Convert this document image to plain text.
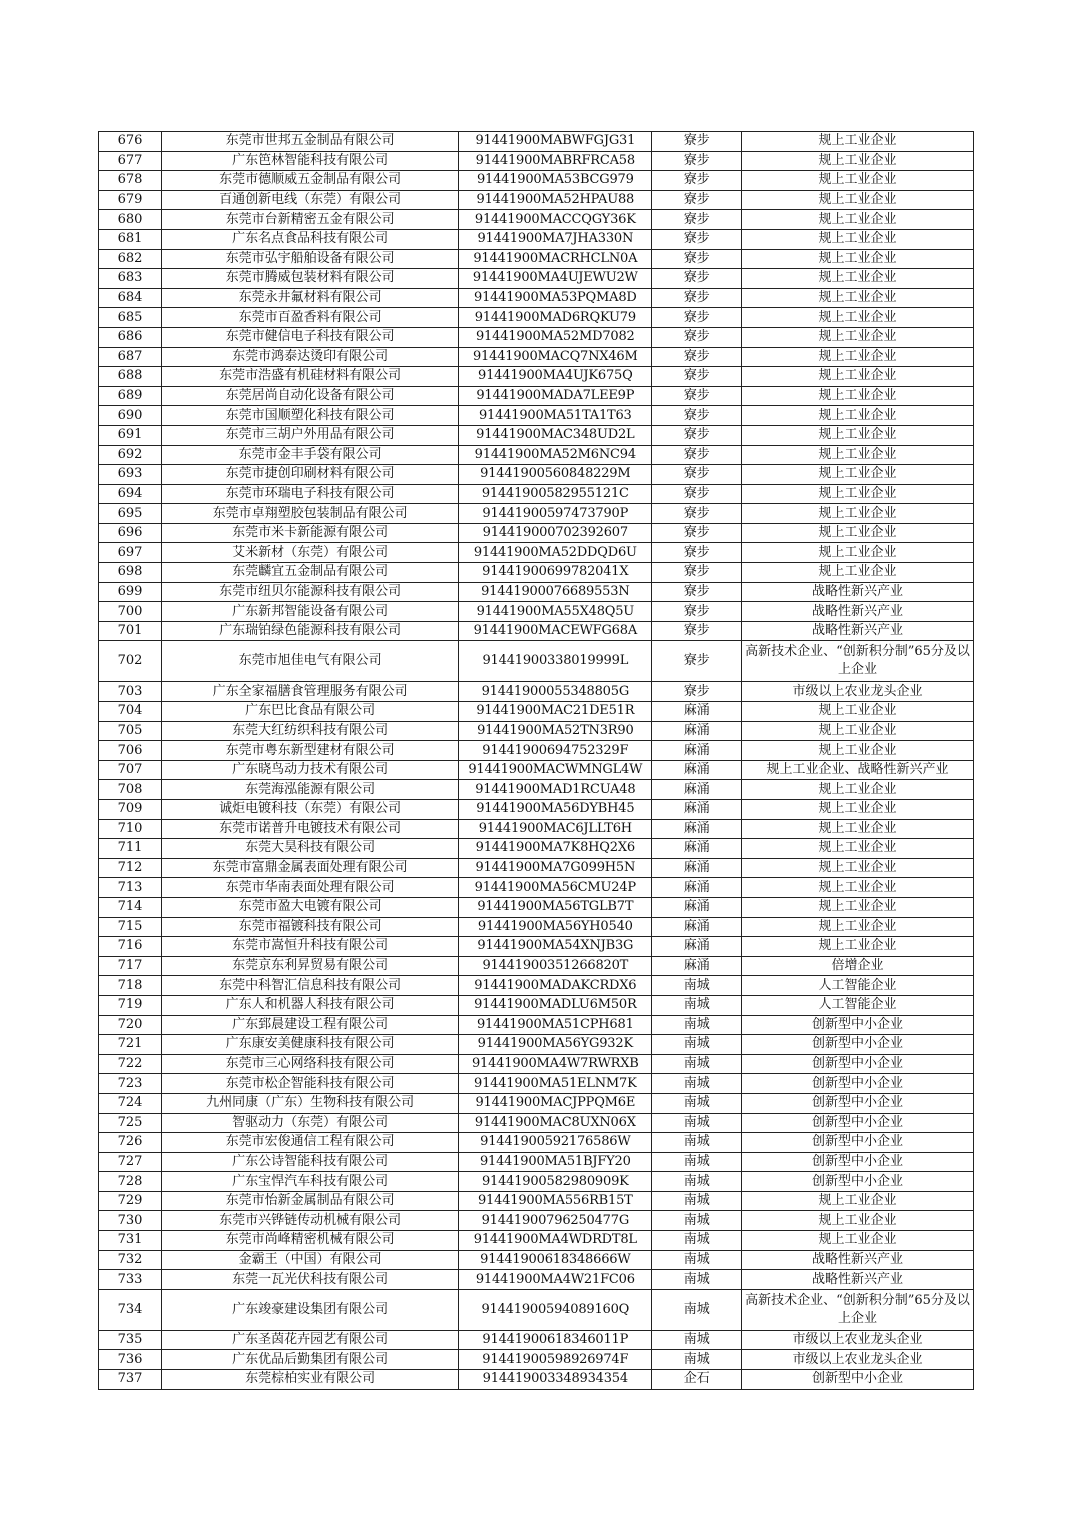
676	东莞市世邦五金制品有限公司	91441900MABWFGJG31	寮步	规上工业企业
677	广东笆林智能科技有限公司	91441900MABRFRCA58	寮步	规上工业企业
678	东莞市德顺威五金制品有限公司	91441900MA53BCG979	寮步	规上工业企业
679	百通创新电线（东莞）有限公司	91441900MA52HPAU88	寮步	规上工业企业
680	东莞市台新精密五金有限公司	91441900MACCQGY36K	寮步	规上工业企业
681	广东名点食品科技有限公司	91441900MA7JHA330N	寮步	规上工业企业
682	东莞市弘宇船舶设备有限公司	91441900MACRHCLN0A	寮步	规上工业企业
683	东莞市腾威包装材料有限公司	91441900MA4UJEWU2W	寮步	规上工业企业
684	东莞永井氟材料有限公司	91441900MA53PQMA8D	寮步	规上工业企业
685	东莞市百盈香料有限公司	91441900MAD6RQKU79	寮步	规上工业企业
686	东莞市健信电子科技有限公司	91441900MA52MD7082	寮步	规上工业企业
687	东莞市鸿泰达烫印有限公司	91441900MACQ7NX46M	寮步	规上工业企业
688	东莞市浩盛有机硅材料有限公司	91441900MA4UJK675Q	寮步	规上工业企业
689	东莞居尚自动化设备有限公司	91441900MADA7LEE9P	寮步	规上工业企业
690	东莞市国顺塑化科技有限公司	91441900MA51TA1T63	寮步	规上工业企业
691	东莞市三胡户外用品有限公司	91441900MAC348UD2L	寮步	规上工业企业
692	东莞市金丰手袋有限公司	91441900MA52M6NC94	寮步	规上工业企业
693	东莞市捷创印刷材料有限公司	91441900560848229M	寮步	规上工业企业
694	东莞市环瑞电子科技有限公司	91441900582955121C	寮步	规上工业企业
695	东莞市卓翔塑胶包装制品有限公司	91441900597473790P	寮步	规上工业企业
696	东莞市米卡新能源有限公司	914419000702392607	寮步	规上工业企业
697	艾米新材（东莞）有限公司	91441900MA52DDQD6U	寮步	规上工业企业
698	东莞麟宜五金制品有限公司	91441900699782041X	寮步	规上工业企业
699	东莞市纽贝尔能源科技有限公司	91441900076689553N	寮步	战略性新兴产业
700	广东新邦智能设备有限公司	91441900MA55X48Q5U	寮步	战略性新兴产业
701	广东瑞铂绿色能源科技有限公司	91441900MACEWFG68A	寮步	战略性新兴产业
702	东莞市旭佳电气有限公司	91441900338019999L	寮步	高新技术企业、“创新积分制”65分及以上企业
703	广东全家福膳食管理服务有限公司	91441900055348805G	寮步	市级以上农业龙头企业
704	广东巴比食品有限公司	91441900MAC21DE51R	麻涌	规上工业企业
705	东莞大红纺织科技有限公司	91441900MA52TN3R90	麻涌	规上工业企业
706	东莞市粤东新型建材有限公司	91441900694752329F	麻涌	规上工业企业
707	广东晓鸟动力技术有限公司	91441900MACWMNGL4W	麻涌	规上工业企业、战略性新兴产业
708	东莞海泓能源有限公司	91441900MAD1RCUA48	麻涌	规上工业企业
709	诚炬电镀科技（东莞）有限公司	91441900MA56DYBH45	麻涌	规上工业企业
710	东莞市诺普升电镀技术有限公司	91441900MAC6JLLT6H	麻涌	规上工业企业
711	东莞大昊科技有限公司	91441900MA7K8HQ2X6	麻涌	规上工业企业
712	东莞市富鼎金属表面处理有限公司	91441900MA7G099H5N	麻涌	规上工业企业
713	东莞市华南表面处理有限公司	91441900MA56CMU24P	麻涌	规上工业企业
714	东莞市盈大电镀有限公司	91441900MA56TGLB7T	麻涌	规上工业企业
715	东莞市福镀科技有限公司	91441900MA56YH0540	麻涌	规上工业企业
716	东莞市嵩恒升科技有限公司	91441900MA54XNJB3G	麻涌	规上工业企业
717	东莞京东利昇贸易有限公司	91441900351266820T	麻涌	倍增企业
718	东莞中科智汇信息科技有限公司	91441900MADAKCRDX6	南城	人工智能企业
719	广东人和机器人科技有限公司	91441900MADLU6M50R	南城	人工智能企业
720	广东郅晨建设工程有限公司	91441900MA51CPH681	南城	创新型中小企业
721	广东康安美健康科技有限公司	91441900MA56YG932K	南城	创新型中小企业
722	东莞市三心网络科技有限公司	91441900MA4W7RWRXB	南城	创新型中小企业
723	东莞市松企智能科技有限公司	91441900MA51ELNM7K	南城	创新型中小企业
724	九州同康（广东）生物科技有限公司	91441900MACJPPQM6E	南城	创新型中小企业
725	智驱动力（东莞）有限公司	91441900MAC8UXN06X	南城	创新型中小企业
726	东莞市宏俊通信工程有限公司	91441900592176586W	南城	创新型中小企业
727	广东公诗智能科技有限公司	91441900MA51BJFY20	南城	创新型中小企业
728	广东宝悍汽车科技有限公司	91441900582980909K	南城	创新型中小企业
729	东莞市怡新金属制品有限公司	91441900MA556RB15T	南城	规上工业企业
730	东莞市兴铧链传动机械有限公司	91441900796250477G	南城	规上工业企业
731	东莞市尚峰精密机械有限公司	91441900MA4WDRDT8L	南城	规上工业企业
732	金霸王（中国）有限公司	91441900618348666W	南城	战略性新兴产业
733	东莞一瓦光伏科技有限公司	91441900MA4W21FC06	南城	战略性新兴产业
734	广东竣豪建设集团有限公司	91441900594089160Q	南城	高新技术企业、“创新积分制”65分及以上企业
735	广东圣茵花卉园艺有限公司	91441900618346011P	南城	市级以上农业龙头企业
736	广东优品后勤集团有限公司	91441900598926974F	南城	市级以上农业龙头企业
737	东莞棕柏实业有限公司	914419003348934354	企石	创新型中小企业
